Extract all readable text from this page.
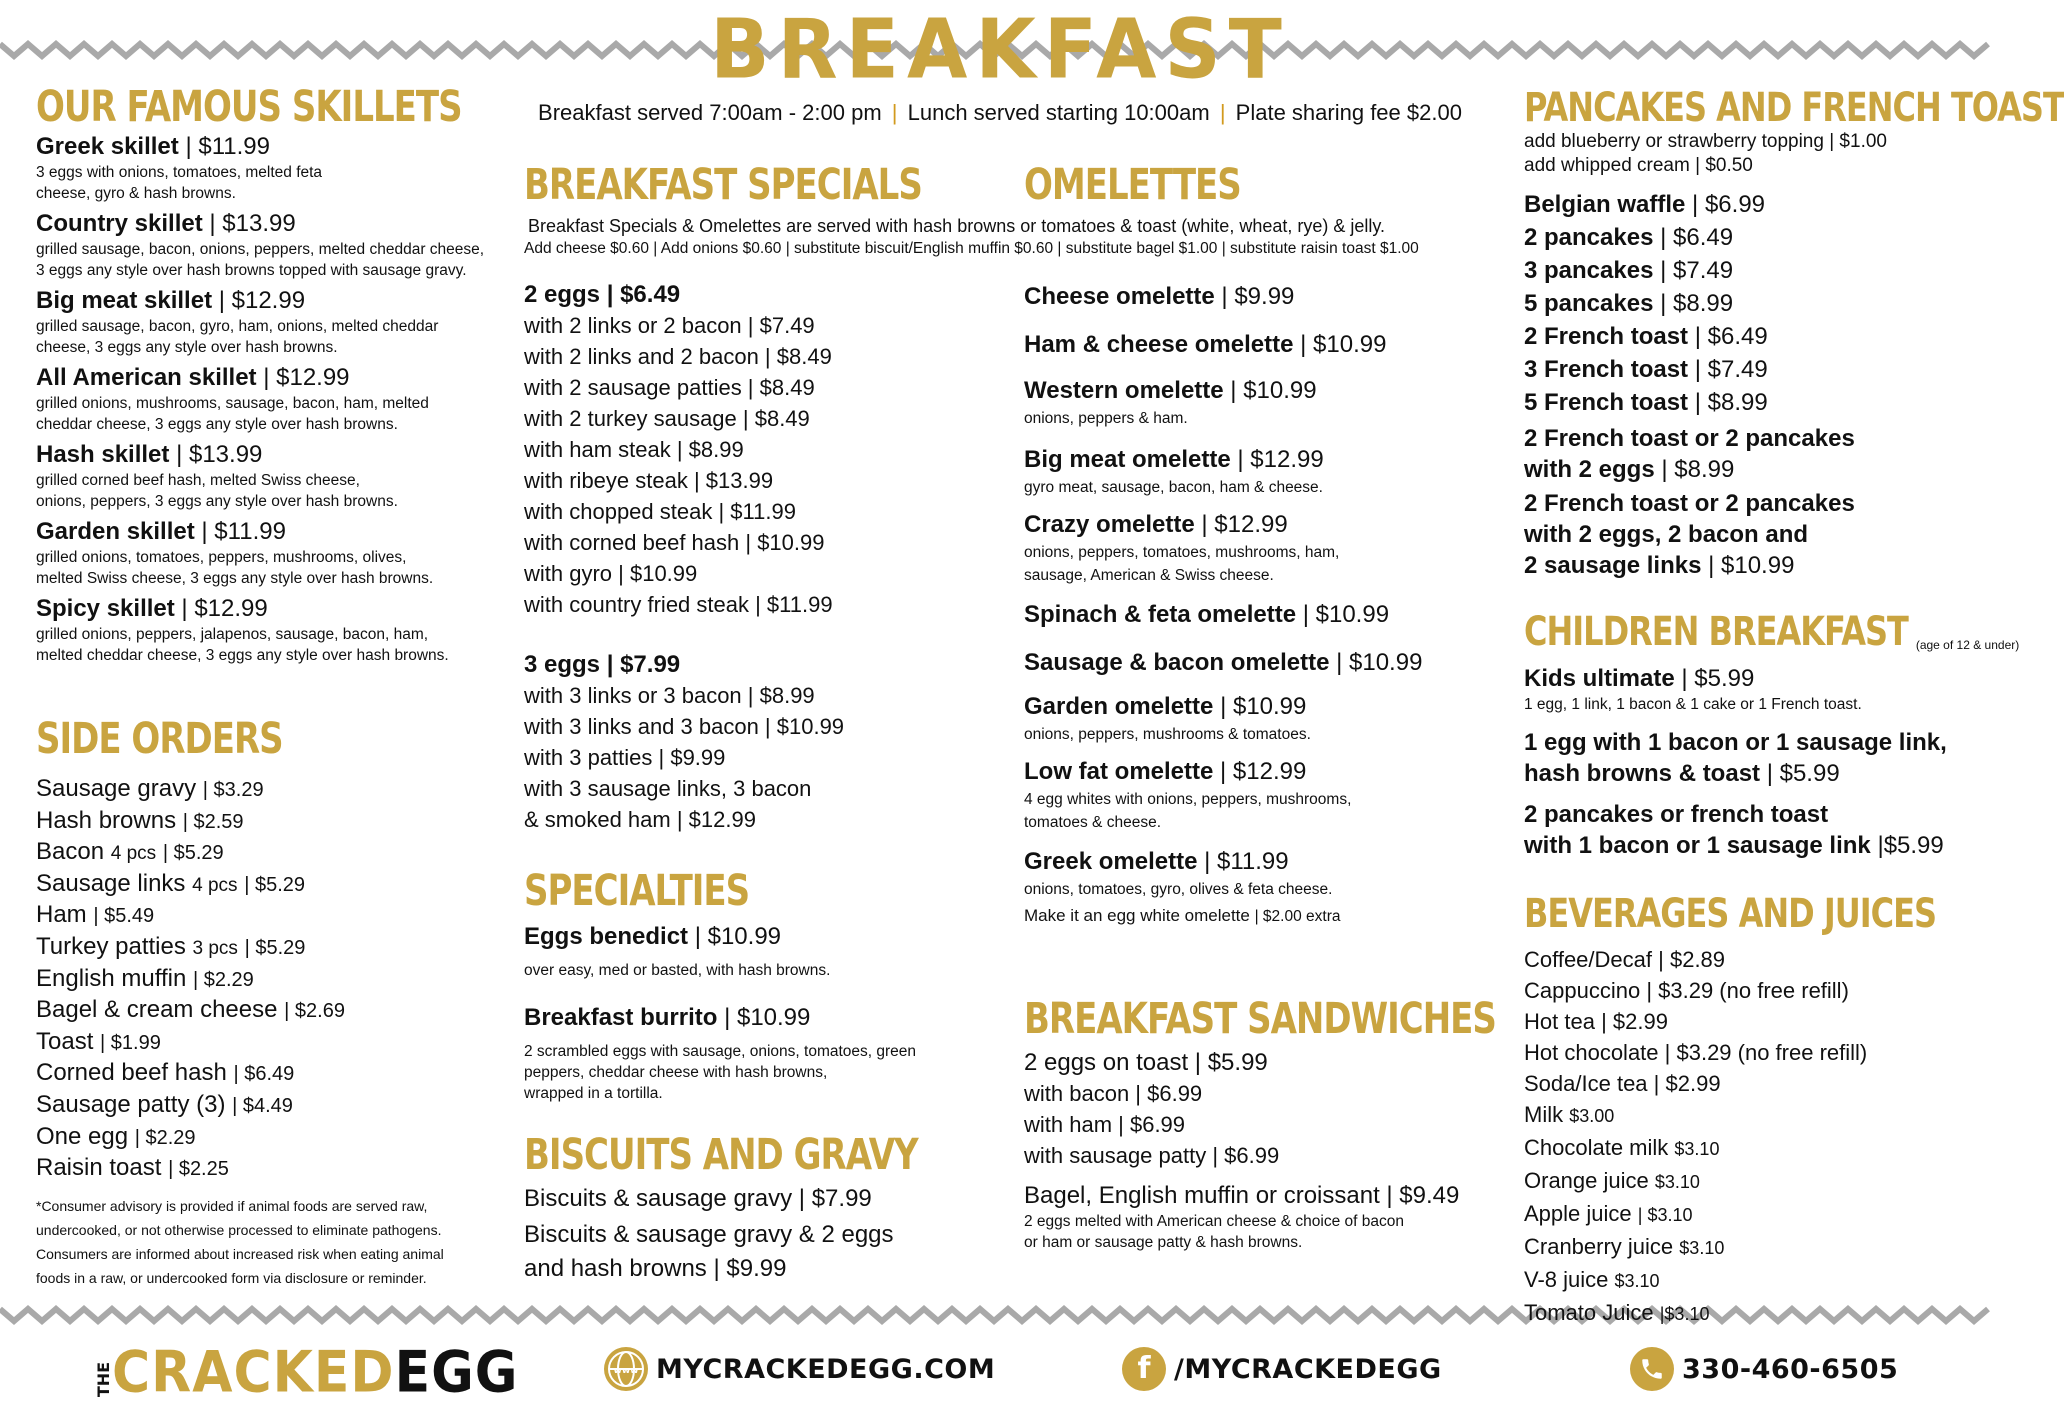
BREAKFAST
Breakfast served 7:00am - 2:00 pm | Lunch served starting 10:00am | Plate sharing fee $2.00
OUR FAMOUS SKILLETS
Greek skillet | $11.99
3 eggs with onions, tomatoes, melted feta
cheese, gyro & hash browns.
Country skillet | $13.99
grilled sausage, bacon, onions, peppers, melted cheddar cheese,
3 eggs any style over hash browns topped with sausage gravy.
Big meat skillet | $12.99
grilled sausage, bacon, gyro, ham, onions, melted cheddar
cheese, 3 eggs any style over hash browns.
All American skillet | $12.99
grilled onions, mushrooms, sausage, bacon, ham, melted
cheddar cheese, 3 eggs any style over hash browns.
Hash skillet | $13.99
grilled corned beef hash, melted Swiss cheese,
onions, peppers, 3 eggs any style over hash browns.
Garden skillet | $11.99
grilled onions, tomatoes, peppers, mushrooms, olives,
melted Swiss cheese, 3 eggs any style over hash browns.
Spicy skillet | $12.99
grilled onions, peppers, jalapenos, sausage, bacon, ham,
melted cheddar cheese, 3 eggs any style over hash browns.
SIDE ORDERS
Sausage gravy | $3.29
Hash browns | $2.59
Bacon 4 pcs | $5.29
Sausage links 4 pcs | $5.29
Ham | $5.49
Turkey patties 3 pcs | $5.29
English muffin | $2.29
Bagel & cream cheese | $2.69
Toast | $1.99
Corned beef hash | $6.49
Sausage patty (3) | $4.49
One egg | $2.29
Raisin toast | $2.25
*Consumer advisory is provided if animal foods are served raw,
undercooked, or not otherwise processed to eliminate pathogens.
Consumers are informed about increased risk when eating animal
foods in a raw, or undercooked form via disclosure or reminder.
BREAKFAST SPECIALS
Breakfast Specials & Omelettes are served with hash browns or tomatoes & toast (white, wheat, rye) & jelly.
Add cheese $0.60 | Add onions $0.60 | substitute biscuit/English muffin $0.60 | substitute bagel $1.00 | substitute raisin toast $1.00
2 eggs | $6.49
with 2 links or 2 bacon | $7.49
with 2 links and 2 bacon | $8.49
with 2 sausage patties | $8.49
with 2 turkey sausage | $8.49
with ham steak | $8.99
with ribeye steak | $13.99
with chopped steak | $11.99
with corned beef hash | $10.99
with gyro | $10.99
with country fried steak | $11.99
3 eggs | $7.99
with 3 links or 3 bacon | $8.99
with 3 links and 3 bacon | $10.99
with 3 patties | $9.99
with 3 sausage links, 3 bacon
& smoked ham | $12.99
SPECIALTIES
Eggs benedict | $10.99
over easy, med or basted, with hash browns.
Breakfast burrito | $10.99
2 scrambled eggs with sausage, onions, tomatoes, green
peppers, cheddar cheese with hash browns,
wrapped in a tortilla.
BISCUITS AND GRAVY
Biscuits & sausage gravy | $7.99
Biscuits & sausage gravy & 2 eggs
and hash browns | $9.99
OMELETTES
Cheese omelette | $9.99
Ham & cheese omelette | $10.99
Western omelette | $10.99
onions, peppers & ham.
Big meat omelette | $12.99
gyro meat, sausage, bacon, ham & cheese.
Crazy omelette | $12.99
onions, peppers, tomatoes, mushrooms, ham,
sausage, American & Swiss cheese.
Spinach & feta omelette | $10.99
Sausage & bacon omelette | $10.99
Garden omelette | $10.99
onions, peppers, mushrooms & tomatoes.
Low fat omelette | $12.99
4 egg whites with onions, peppers, mushrooms,
tomatoes & cheese.
Greek omelette | $11.99
onions, tomatoes, gyro, olives & feta cheese.
Make it an egg white omelette | $2.00 extra
BREAKFAST SANDWICHES
2 eggs on toast | $5.99
with bacon | $6.99
with ham | $6.99
with sausage patty | $6.99
Bagel, English muffin or croissant | $9.49
2 eggs melted with American cheese & choice of bacon
or ham or sausage patty & hash browns.
PANCAKES AND FRENCH TOAST
add blueberry or strawberry topping | $1.00
add whipped cream | $0.50
Belgian waffle | $6.99
2 pancakes | $6.49
3 pancakes | $7.49
5 pancakes | $8.99
2 French toast | $6.49
3 French toast | $7.49
5 French toast | $8.99
2 French toast or 2 pancakes
with 2 eggs | $8.99
2 French toast or 2 pancakes
with 2 eggs, 2 bacon and
2 sausage links | $10.99
CHILDREN BREAKFAST (age of 12 & under)
Kids ultimate | $5.99
1 egg, 1 link, 1 bacon & 1 cake or 1 French toast.
1 egg with 1 bacon or 1 sausage link,
hash browns & toast | $5.99
2 pancakes or french toast
with 1 bacon or 1 sausage link |$5.99
BEVERAGES AND JUICES
Coffee/Decaf | $2.89
Cappuccino | $3.29 (no free refill)
Hot tea | $2.99
Hot chocolate | $3.29 (no free refill)
Soda/Ice tea | $2.99
Milk $3.00
Chocolate milk $3.10
Orange juice $3.10
Apple juice | $3.10
Cranberry juice $3.10
V-8 juice $3.10
Tomato Juice |$3.10
THE
CRACKEDEGG	www MYCRACKEDEGG.COM	f /MYCRACKEDEGG	330-460-6505
